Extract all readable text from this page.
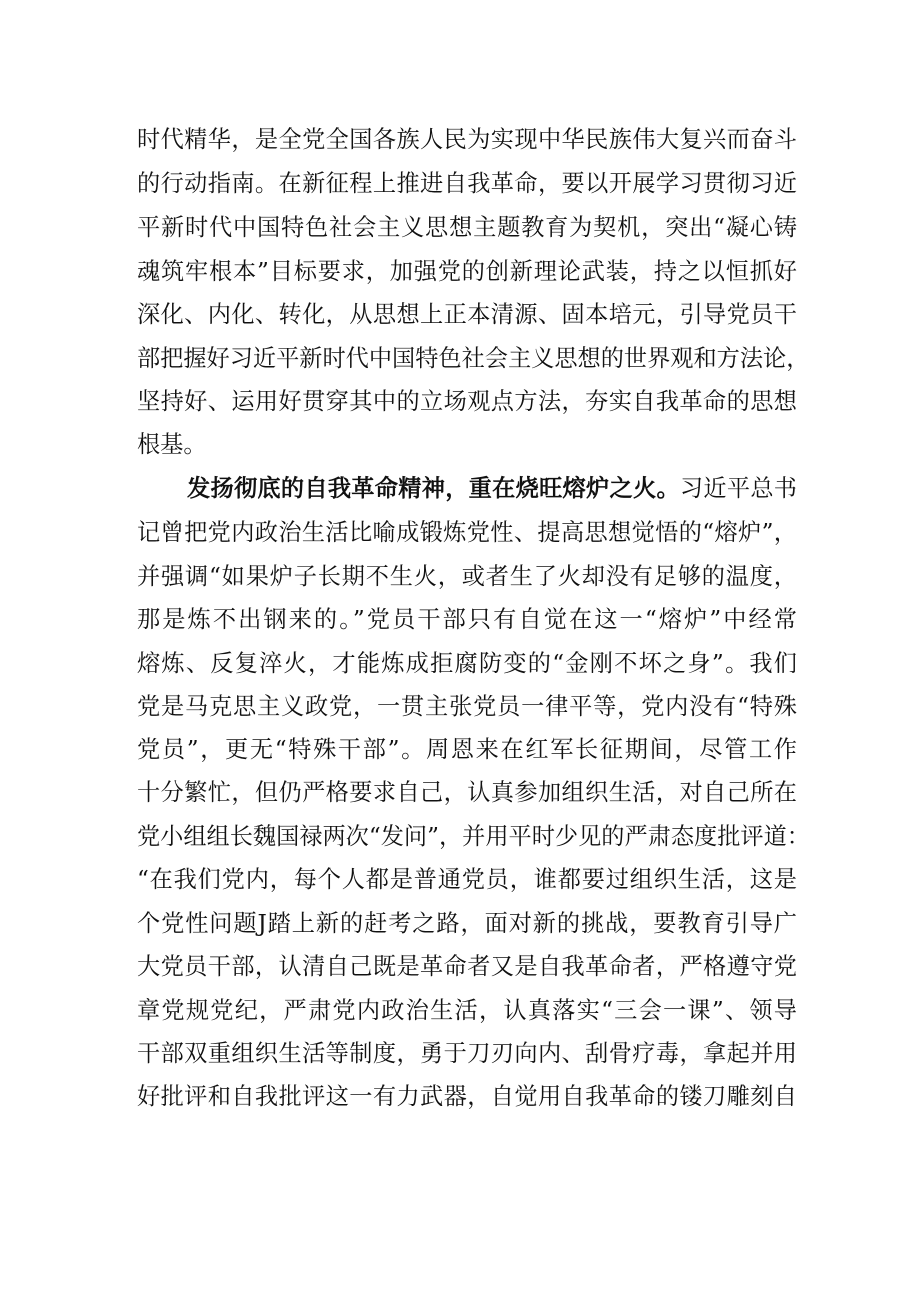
时代精华，是全党全国各族人民为实现中华民族伟大复兴而奋斗
的行动指南。在新征程上推进自我革命，要以开展学习贯彻习近
平新时代中国特色社会主义思想主题教育为契机，突出“凝心铸
魂筑牢根本”目标要求，加强党的创新理论武装，持之以恒抓好
深化、内化、转化，从思想上正本清源、固本培元，引导党员干
部把握好习近平新时代中国特色社会主义思想的世界观和方法论，
坚持好、运用好贯穿其中的立场观点方法，夯实自我革命的思想
根基。
发扬彻底的自我革命精神，重在烧旺熔炉之火。习近平总书
记曾把党内政治生活比喻成锻炼党性、提高思想觉悟的“熔炉”，
并强调“如果炉子长期不生火，或者生了火却没有足够的温度，
那是炼不出钢来的。”党员干部只有自觉在这一“熔炉”中经常
熔炼、反复淬火，才能炼成拒腐防变的“金刚不坏之身”。我们
党是马克思主义政党，一贯主张党员一律平等，党内没有“特殊
党员”，更无“特殊干部”。周恩来在红军长征期间，尽管工作
十分繁忙，但仍严格要求自己，认真参加组织生活，对自己所在
党小组组长魏国禄两次“发问”，并用平时少见的严肃态度批评道：
“在我们党内，每个人都是普通党员，谁都要过组织生活，这是
个党性问题J踏上新的赶考之路，面对新的挑战，要教育引导广
大党员干部，认清自己既是革命者又是自我革命者，严格遵守党
章党规党纪，严肃党内政治生活，认真落实“三会一课”、领导
干部双重组织生活等制度，勇于刀刃向内、刮骨疗毒，拿起并用
好批评和自我批评这一有力武器，自觉用自我革命的镂刀雕刻自
